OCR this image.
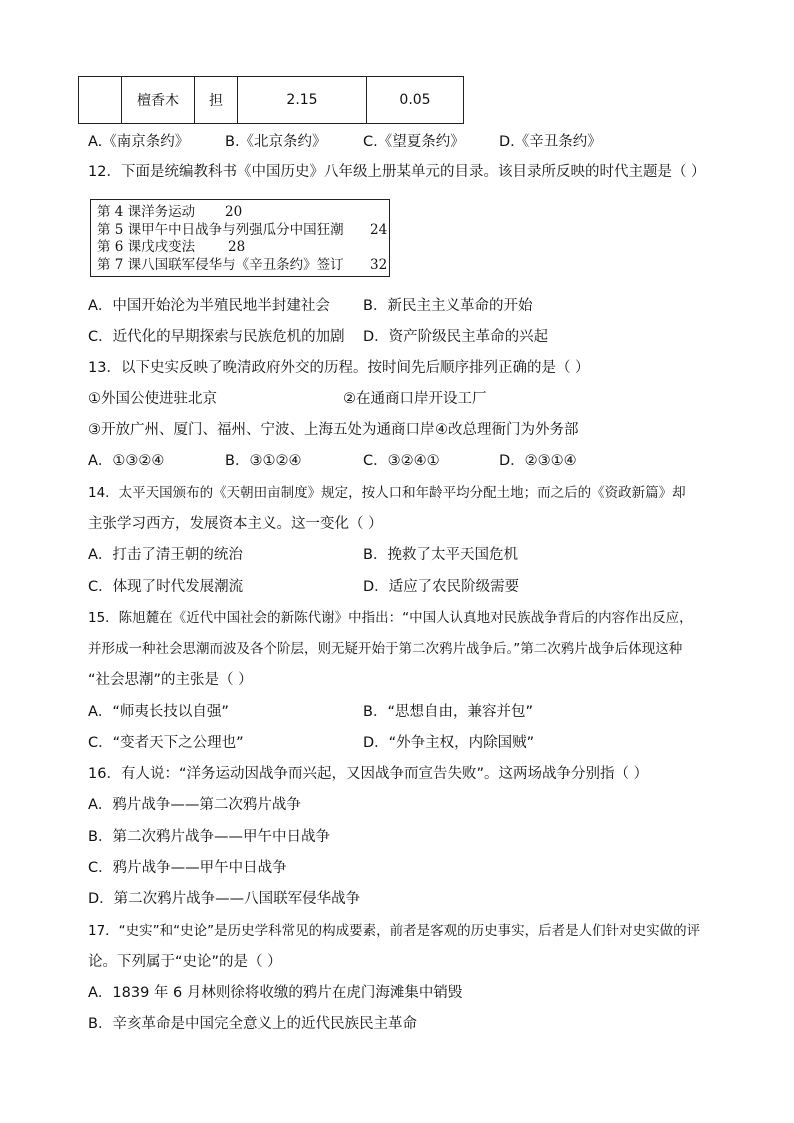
	檀香木	担	2.15	0.05
A.《南京条约》 B.《北京条约》	C.《望夏条约》 D.《辛丑条约》
12．下面是统编教科书《中国历史》八年级上册某单元的目录。该目录所反映的时代主题是（ ）
第 4 课洋务运动 20
第 5 课甲午中日战争与列强瓜分中国狂潮 24
第 6 课戊戌变法 28
第 7 课八国联军侵华与《辛丑条约》签订 32
A．中国开始沦为半殖民地半封建社会 B．新民主主义革命的开始
C．近代化的早期探索与民族危机的加剧 D．资产阶级民主革命的兴起
13．以下史实反映了晚清政府外交的历程。按时间先后顺序排列正确的是（ ）
①外国公使进驻北京	②在通商口岸开设工厂
③开放广州、厦门、福州、宁波、上海五处为通商口岸 ④改总理衙门为外务部
A．①③②④	B．③①②④	C．③②④①	D．②③①④
14．太平天国颁布的《天朝田亩制度》规定，按人口和年龄平均分配土地；而之后的《资政新篇》却
主张学习西方，发展资本主义。这一变化（ ）
A．打击了清王朝的统治	B．挽救了太平天国危机
C．体现了时代发展潮流	D．适应了农民阶级需要
15．陈旭麓在《近代中国社会的新陈代谢》中指出：“中国人认真地对民族战争背后的内容作出反应，
并形成一种社会思潮而波及各个阶层，则无疑开始于第二次鸦片战争后。”第二次鸦片战争后体现这种
“社会思潮”的主张是（ ）
A．“师夷长技以自强”	B．“思想自由，兼容并包”
C．“变者天下之公理也”	D．“外争主权，内除国贼”
16．有人说：“洋务运动因战争而兴起，又因战争而宣告失败”。这两场战争分别指（ ）
A．鸦片战争——第二次鸦片战争
B．第二次鸦片战争——甲午中日战争
C．鸦片战争——甲午中日战争
D．第二次鸦片战争——八国联军侵华战争
17．“史实”和“史论”是历史学科常见的构成要素，前者是客观的历史事实，后者是人们针对史实做的评
论。下列属于“史论”的是（ ）
A．1839 年 6 月林则徐将收缴的鸦片在虎门海滩集中销毁
B．辛亥革命是中国完全意义上的近代民族民主革命
